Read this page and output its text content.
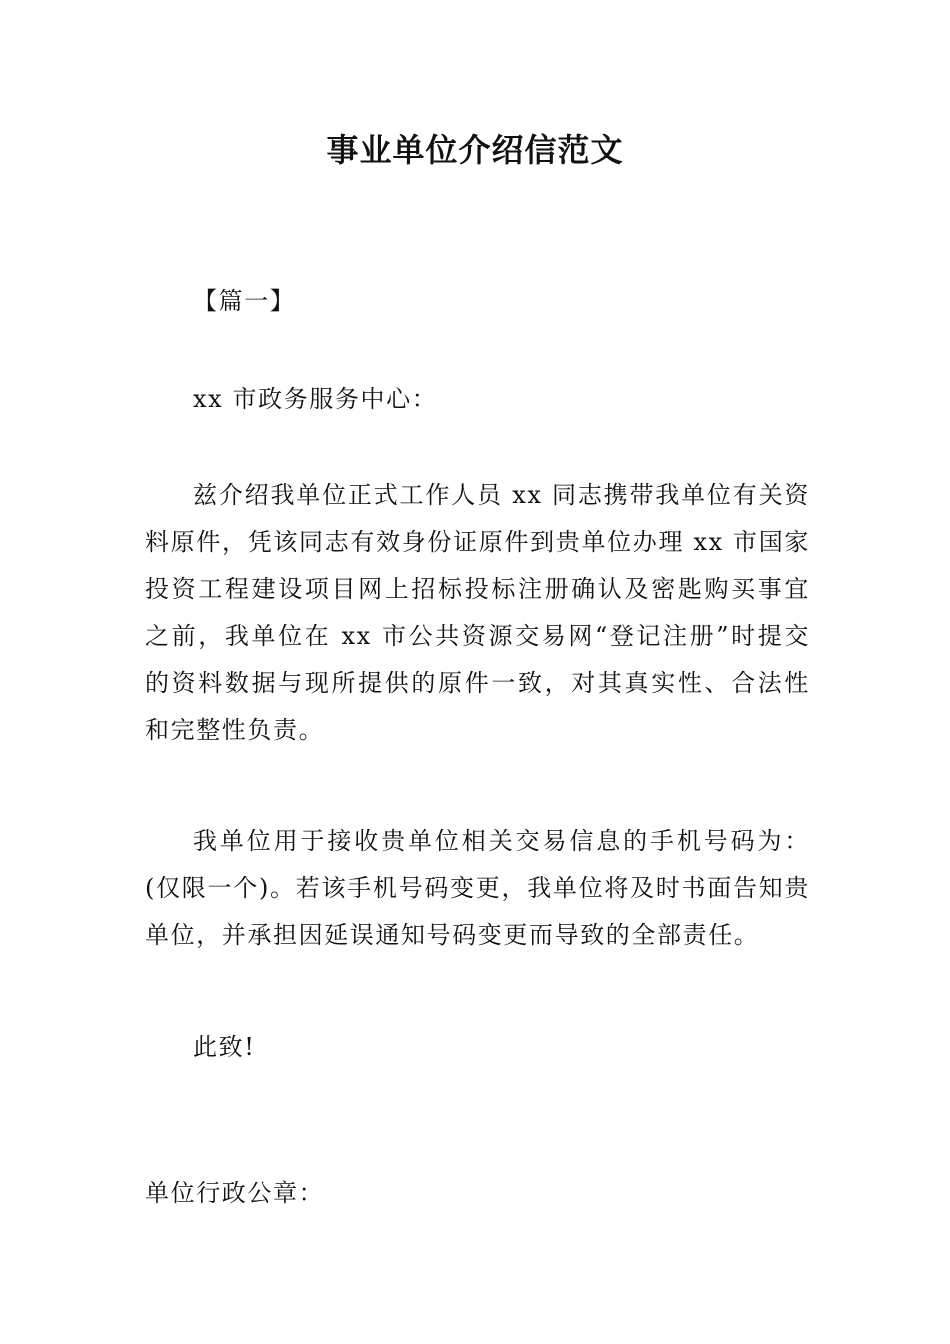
事业单位介绍信范文

【篇一】

xx 市政务服务中心：

兹介绍我单位正式工作人员 xx 同志携带我单位有关资料原件，凭该同志有效身份证原件到贵单位办理 xx 市国家投资工程建设项目网上招标投标注册确认及密匙购买事宜之前，我单位在 xx 市公共资源交易网“登记注册”时提交的资料数据与现所提供的原件一致，对其真实性、合法性和完整性负责。

我单位用于接收贵单位相关交易信息的手机号码为：(仅限一个)。若该手机号码变更，我单位将及时书面告知贵单位，并承担因延误通知号码变更而导致的全部责任。

此致!

单位行政公章：
